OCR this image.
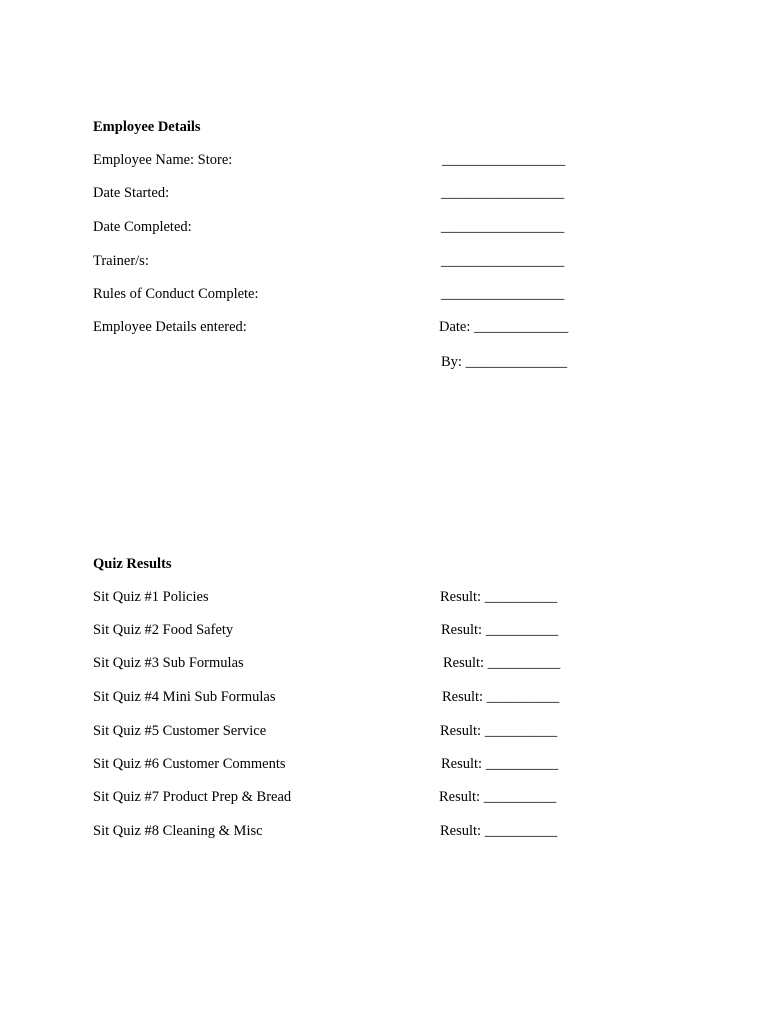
Employee Details
Employee Name: Store:	_________________
Date Started:	_________________
Date Completed:	_________________
Trainer/s:	_________________
Rules of Conduct Complete:	_________________
Employee Details entered:	Date: _____________
By: ______________
Quiz Results
Sit Quiz #1 Policies	Result: __________
Sit Quiz #2 Food Safety	Result: __________
Sit Quiz #3 Sub Formulas	Result: __________
Sit Quiz #4 Mini Sub Formulas	Result: __________
Sit Quiz #5 Customer Service	Result: __________
Sit Quiz #6 Customer Comments	Result: __________
Sit Quiz #7 Product Prep & Bread	Result: __________
Sit Quiz #8 Cleaning & Misc	Result: __________
